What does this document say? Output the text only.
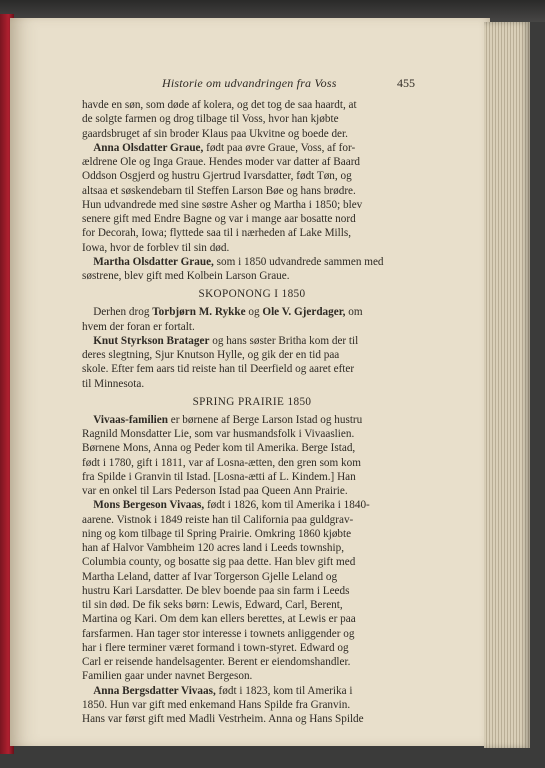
Historie om udvandringen fra Voss	455
havde en søn, som døde af kolera, og det tog de saa haardt, at
de solgte farmen og drog tilbage til Voss, hvor han kjøbte
gaardsbruget af sin broder Klaus paa Ukvitne og boede der.
 Anna Olsdatter Graue, født paa øvre Graue, Voss, af for-
ældrene Ole og Inga Graue. Hendes moder var datter af Baard
Oddson Osgjerd og hustru Gjertrud Ivarsdatter, født Tøn, og
altsaa et søskendebarn til Steffen Larson Bøe og hans brødre.
Hun udvandrede med sine søstre Asher og Martha i 1850; blev
senere gift med Endre Bagne og var i mange aar bosatte nord
for Decorah, Iowa; flyttede saa til i nærheden af Lake Mills,
Iowa, hvor de forblev til sin død.
 Martha Olsdatter Graue, som i 1850 udvandrede sammen med
søstrene, blev gift med Kolbein Larson Graue.
SKOPONONG I 1850
 Derhen drog Torbjørn M. Rykke og Ole V. Gjerdager, om
hvem der foran er fortalt.
 Knut Styrkson Bratager og hans søster Britha kom der til
deres slegtning, Sjur Knutson Hylle, og gik der en tid paa
skole. Efter fem aars tid reiste han til Deerfield og aaret efter
til Minnesota.
SPRING PRAIRIE 1850
 Vivaas-familien er børnene af Berge Larson Istad og hustru
Ragnild Monsdatter Lie, som var husmandsfolk i Vivaaslien.
Børnene Mons, Anna og Peder kom til Amerika. Berge Istad,
født i 1780, gift i 1811, var af Losna-ætten, den gren som kom
fra Spilde i Granvin til Istad. [Losna-ætti af L. Kindem.] Han
var en onkel til Lars Pederson Istad paa Queen Ann Prairie.
 Mons Bergeson Vivaas, født i 1826, kom til Amerika i 1840-
aarene. Vistnok i 1849 reiste han til California paa guldgrav-
ning og kom tilbage til Spring Prairie. Omkring 1860 kjøbte
han af Halvor Vambheim 120 acres land i Leeds township,
Columbia county, og bosatte sig paa dette. Han blev gift med
Martha Leland, datter af Ivar Torgerson Gjelle Leland og
hustru Kari Larsdatter. De blev boende paa sin farm i Leeds
til sin død. De fik seks børn: Lewis, Edward, Carl, Berent,
Martina og Kari. Om dem kan ellers berettes, at Lewis er paa
farsfarmen. Han tager stor interesse i townets anliggender og
har i flere terminer været formand i town-styret. Edward og
Carl er reisende handelsagenter. Berent er eiendomshandler.
Familien gaar under navnet Bergeson.
 Anna Bergsdatter Vivaas, født i 1823, kom til Amerika i
1850. Hun var gift med enkemand Hans Spilde fra Granvin.
Hans var først gift med Madli Vestrheim. Anna og Hans Spilde
